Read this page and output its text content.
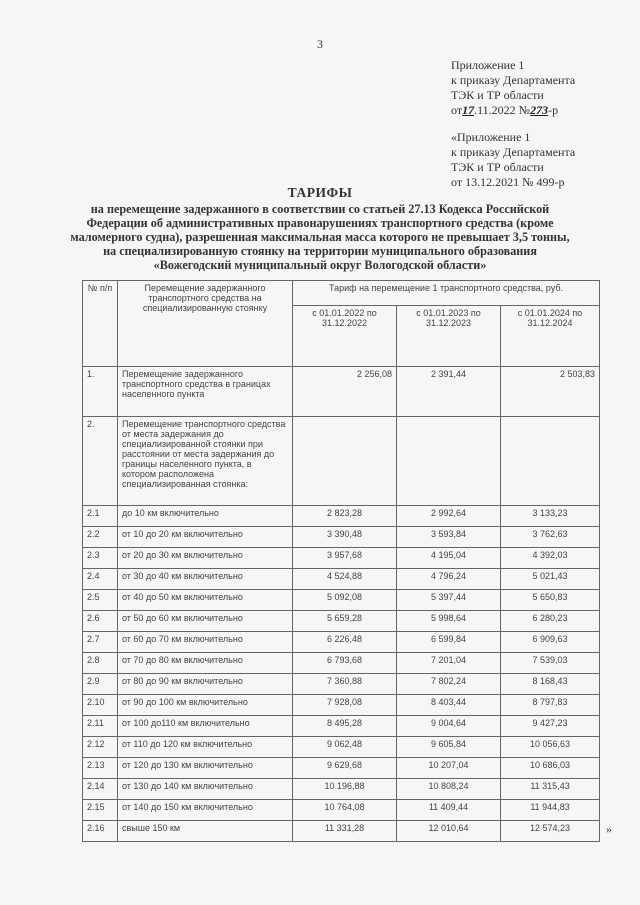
3
Приложение 1
к приказу Департамента
ТЭК и ТР области
от17.11.2022 №273-р
«Приложение 1
к приказу Департамента
ТЭК и ТР области
от 13.12.2021 № 499-р
ТАРИФЫ
на перемещение задержанного в соответствии со статьей 27.13 Кодекса Российской Федерации об административных правонарушениях транспортного средства (кроме маломерного судна), разрешенная максимальная масса которого не превышает 3,5 тонны, на специализированную стоянку на территории муниципального образования «Вожегодский муниципальный округ Вологодской области»
№ п/п	Перемещение задержанного транспортного средства на специализированную стоянку	Тариф на перемещение 1 транспортного средства, руб.		
		с 01.01.2022 по 31.12.2022	с 01.01.2023 по 31.12.2023	с 01.01.2024 по 31.12.2024
1.	Перемещение задержанного транспортного средства в границах населенного пункта	2 256,08	2 391,44	2 503,83
2.	Перемещение транспортного средства от места задержания до специализированной стоянки при расстоянии от места задержания до границы населенного пункта, в котором расположена специализированная стоянка:			
2.1	до 10 км включительно	2 823,28	2 992,64	3 133,23
2.2	от 10 до 20 км включительно	3 390,48	3 593,84	3 762,63
2.3	от 20 до 30 км включительно	3 957,68	4 195,04	4 392,03
2.4	от 30 до 40 км включительно	4 524,88	4 796,24	5 021,43
2.5	от 40 до 50 км включительно	5 092,08	5 397,44	5 650,83
2.6	от 50 до 60 км включительно	5 659,28	5 998,64	6 280,23
2.7	от 60 до 70 км включительно	6 226,48	6 599,84	6 909,63
2.8	от 70 до 80 км включительно	6 793,68	7 201,04	7 539,03
2.9	от 80 до 90 км включительно	7 360,88	7 802,24	8 168,43
2.10	от 90 до 100 км включительно	7 928,08	8 403,44	8 797,83
2.11	от 100 до110 км включительно	8 495,28	9 004,64	9 427,23
2.12	от 110 до 120 км включительно	9 062,48	9 605,84	10 056,63
2.13	от 120 до 130 км включительно	9 629,68	10 207,04	10 686,03
2.14	от 130 до 140 км включительно	10 196,88	10 808,24	11 315,43
2.15	от 140 до 150 км включительно	10 764,08	11 409,44	11 944,83
2.16	свыше 150 км	11 331,28	12 010,64	12 574,23	»
